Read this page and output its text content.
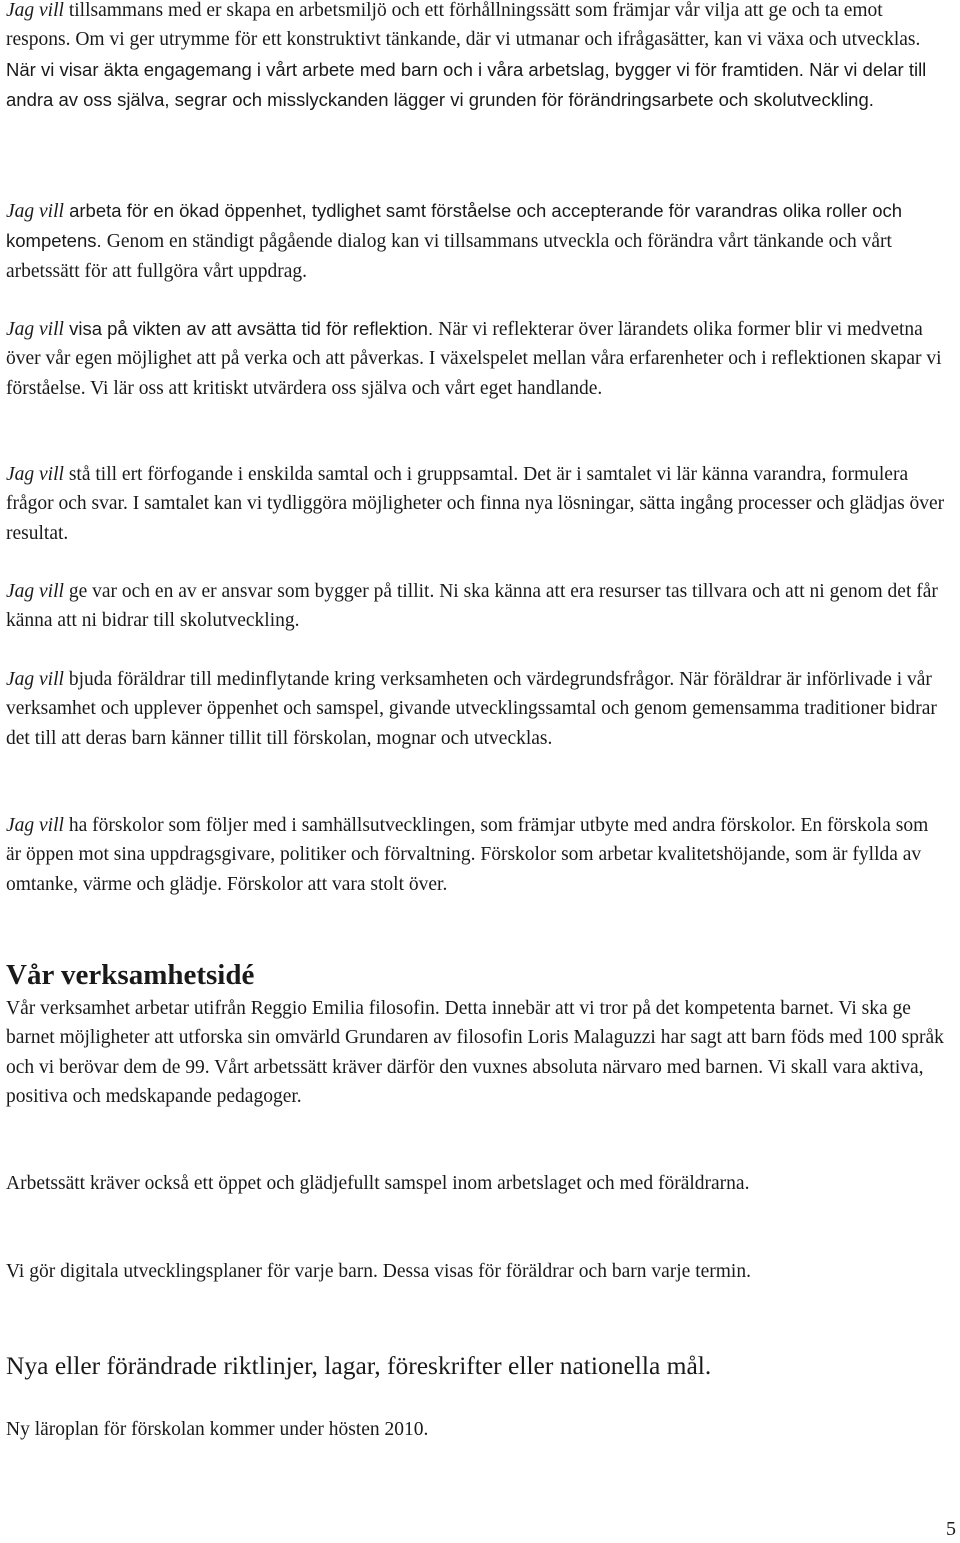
Jag vill tillsammans med er skapa en arbetsmiljö och ett förhållningssätt som främjar vår vilja att ge och ta emot respons. Om vi ger utrymme för ett konstruktivt tänkande, där vi utmanar och ifrågasätter, kan vi växa och utvecklas.
När vi visar äkta engagemang i vårt arbete med barn och i våra arbetslag, bygger vi för framtiden. När vi delar till andra av oss själva, segrar och misslyckanden lägger vi grunden för förändringsarbete och skolutveckling.

Jag vill arbeta för en ökad öppenhet, tydlighet samt förståelse och accepterande för varandras olika roller och kompetens. Genom en ständigt pågående dialog kan vi tillsammans utveckla och förändra vårt tänkande och vårt arbetssätt för att fullgöra vårt uppdrag.

Jag vill visa på vikten av att avsätta tid för reflektion. När vi reflekterar över lärandets olika former blir vi medvetna över vår egen möjlighet att på verka och att påverkas. I växelspelet mellan våra erfarenheter och i reflektionen skapar vi förståelse. Vi lär oss att kritiskt utvärdera oss själva och vårt eget handlande.

Jag vill stå till ert förfogande i enskilda samtal och i gruppsamtal. Det är i samtalet vi lär känna varandra, formulera frågor och svar. I samtalet kan vi tydliggöra möjligheter och finna nya lösningar, sätta ingång processer och glädjas över resultat.

Jag vill ge var och en av er ansvar som bygger på tillit. Ni ska känna att era resurser tas tillvara och att ni genom det får känna att ni bidrar till skolutveckling.

Jag vill bjuda föräldrar till medinflytande kring verksamheten och värdegrundsfrågor. När föräldrar är införlivade i vår verksamhet och upplever öppenhet och samspel, givande utvecklingssamtal och genom gemensamma traditioner bidrar det till att deras barn känner tillit till förskolan, mognar och utvecklas.

Jag vill ha förskolor som följer med i samhällsutvecklingen, som främjar utbyte med andra förskolor. En förskola som är öppen mot sina uppdragsgivare, politiker och förvaltning. Förskolor som arbetar kvalitetshöjande, som är fyllda av omtanke, värme och glädje. Förskolor att vara stolt över.

Vår verksamhetsidé

Vår verksamhet arbetar utifrån Reggio Emilia filosofin. Detta innebär att vi tror på det kompetenta barnet. Vi ska ge barnet möjligheter att utforska sin omvärld Grundaren av filosofin Loris Malaguzzi har sagt att barn föds med 100 språk och vi berövar dem de 99. Vårt arbetssätt kräver därför den vuxnes absoluta närvaro med barnen. Vi skall vara aktiva, positiva och medskapande pedagoger.

Arbetssätt kräver också ett öppet och glädjefullt samspel inom arbetslaget och med föräldrarna.

Vi gör digitala utvecklingsplaner för varje barn. Dessa visas för föräldrar och barn varje termin.

Nya eller förändrade riktlinjer, lagar, föreskrifter eller nationella mål.

Ny läroplan för förskolan kommer under hösten 2010.

5
